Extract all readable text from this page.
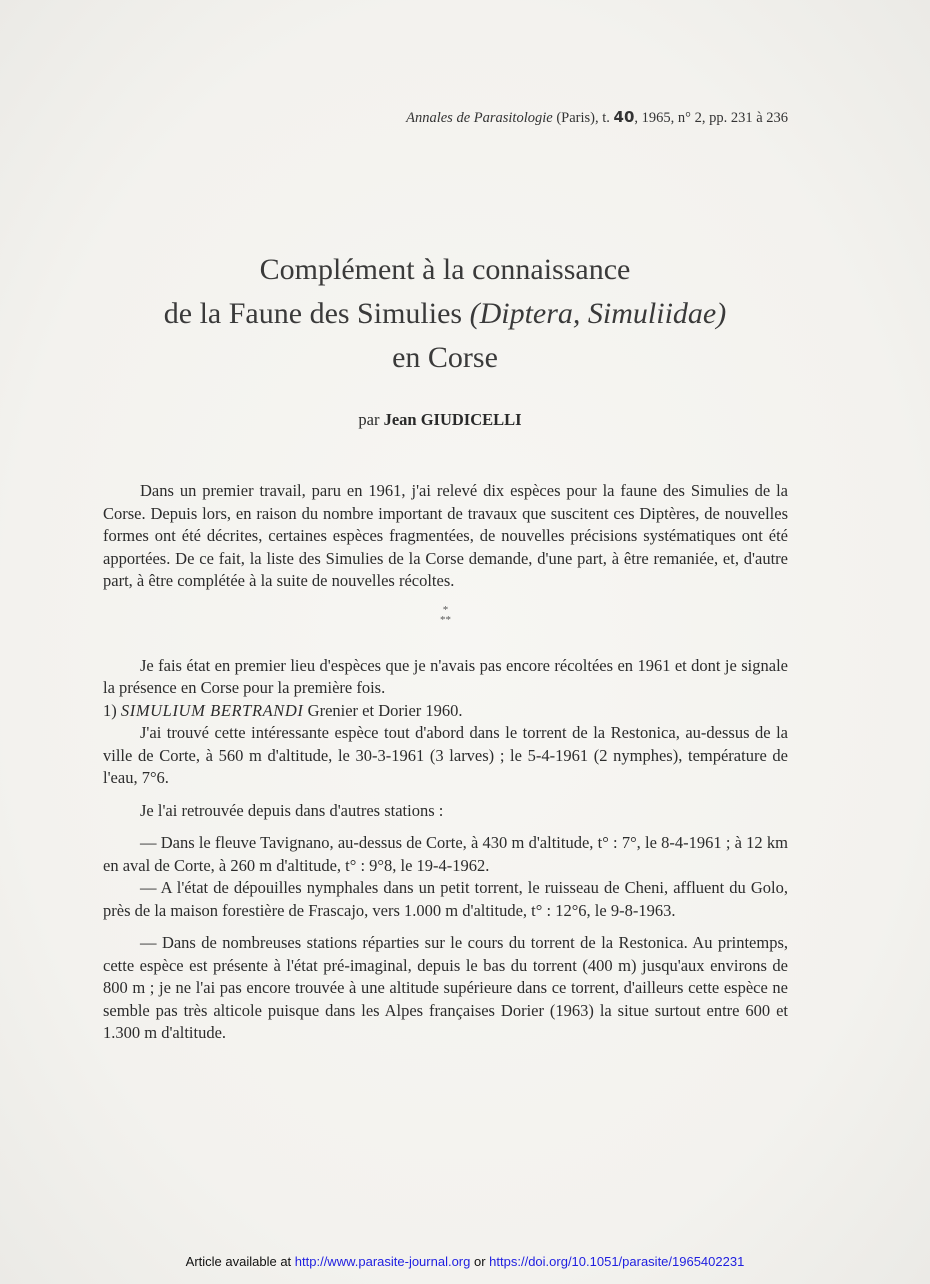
Annales de Parasitologie (Paris), t. 40, 1965, n° 2, pp. 231 à 236
Complément à la connaissance
de la Faune des Simulies (Diptera, Simuliidae)
en Corse
par Jean GIUDICELLI

Dans un premier travail, paru en 1961, j'ai relevé dix espèces pour la faune des Simulies de la Corse. Depuis lors, en raison du nombre important de travaux que suscitent ces Diptères, de nouvelles formes ont été décrites, certaines espèces fragmentées, de nouvelles précisions systématiques ont été apportées. De ce fait, la liste des Simulies de la Corse demande, d'une part, à être remaniée, et, d'autre part, à être complétée à la suite de nouvelles récoltes.

*
**

Je fais état en premier lieu d'espèces que je n'avais pas encore récoltées en 1961 et dont je signale la présence en Corse pour la première fois.

1) SIMULIUM BERTRANDI Grenier et Dorier 1960.

J'ai trouvé cette intéressante espèce tout d'abord dans le torrent de la Restonica, au-dessus de la ville de Corte, à 560 m d'altitude, le 30-3-1961 (3 larves) ; le 5-4-1961 (2 nymphes), température de l'eau, 7°6.

Je l'ai retrouvée depuis dans d'autres stations :

— Dans le fleuve Tavignano, au-dessus de Corte, à 430 m d'altitude, t° : 7°, le 8-4-1961 ; à 12 km en aval de Corte, à 260 m d'altitude, t° : 9°8, le 19-4-1962.

— A l'état de dépouilles nymphales dans un petit torrent, le ruisseau de Cheni, affluent du Golo, près de la maison forestière de Frascajo, vers 1.000 m d'altitude, t° : 12°6, le 9-8-1963.

— Dans de nombreuses stations réparties sur le cours du torrent de la Restonica. Au printemps, cette espèce est présente à l'état pré-imaginal, depuis le bas du torrent (400 m) jusqu'aux environs de 800 m ; je ne l'ai pas encore trouvée à une altitude supérieure dans ce torrent, d'ailleurs cette espèce ne semble pas très alticole puisque dans les Alpes françaises Dorier (1963) la situe surtout entre 600 et 1.300 m d'altitude.

Article available at http://www.parasite-journal.org or https://doi.org/10.1051/parasite/1965402231
